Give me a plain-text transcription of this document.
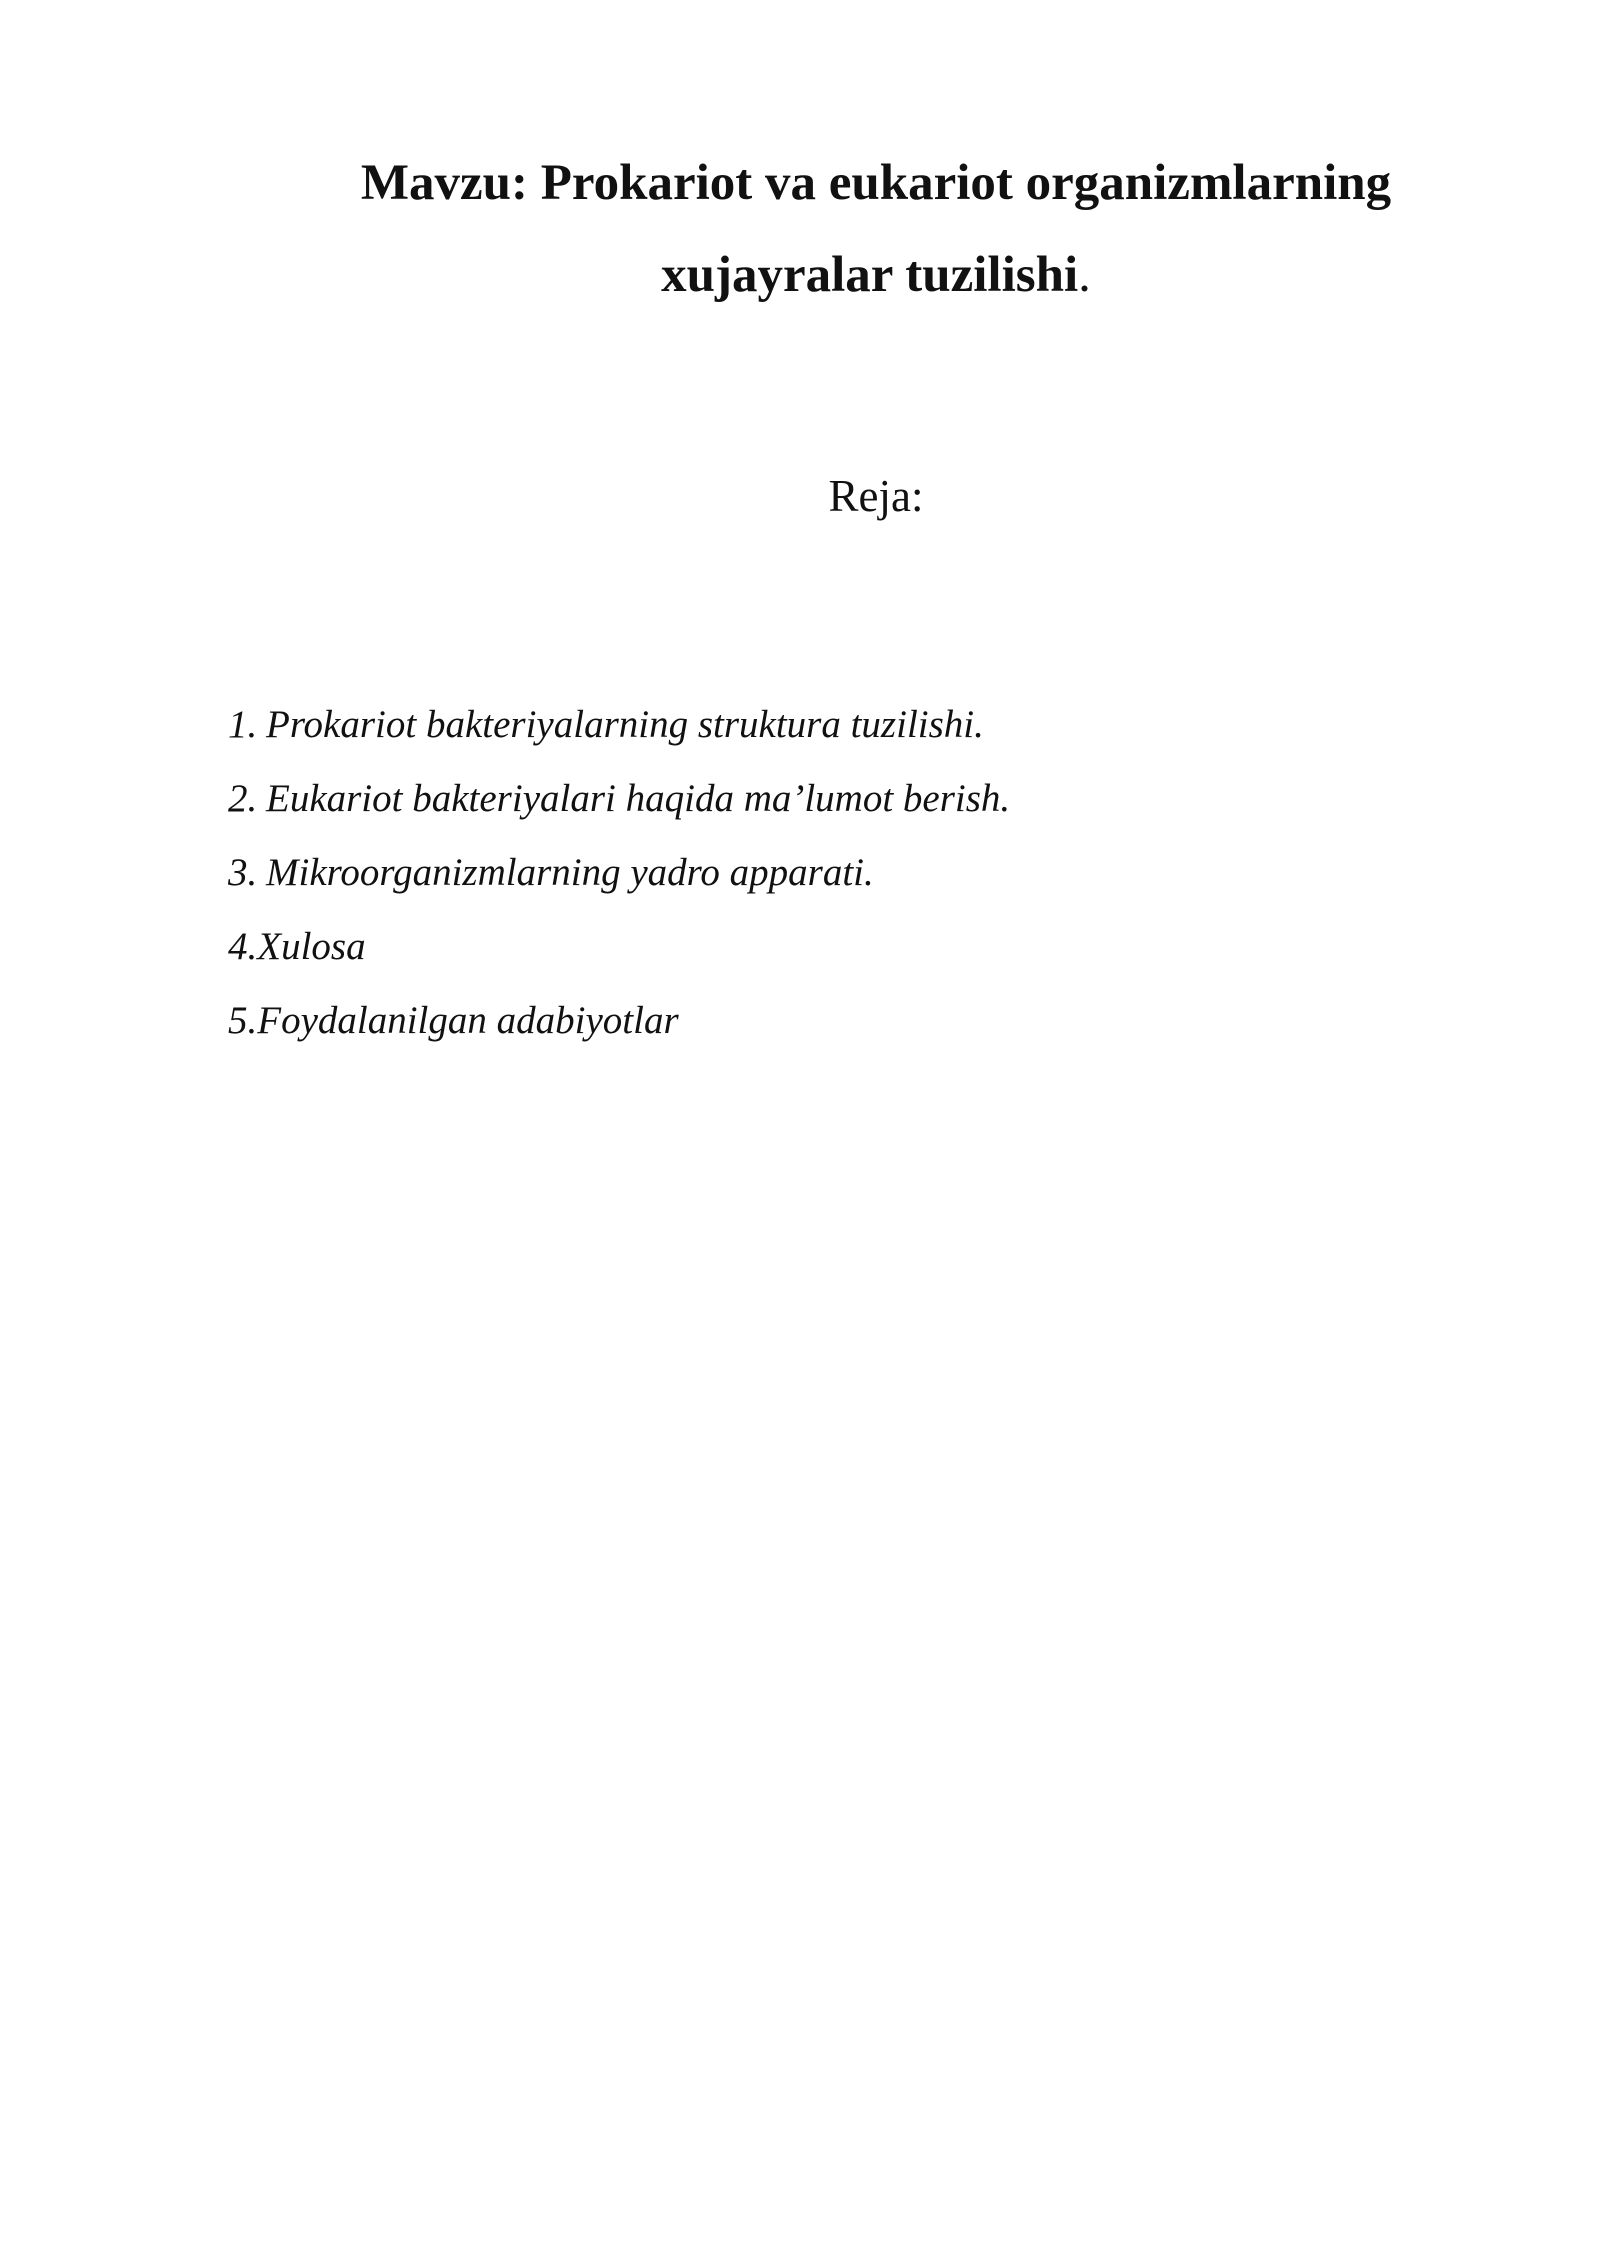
Mavzu: Prokariot va eukariot organizmlarning
xujayralar tuzilishi.
Reja:
1. Prokariot bakteriyalarning struktura tuzilishi.
2. Eukariot bakteriyalari haqida ma’lumot berish.
3. Mikroorganizmlarning yadro apparati.
4.Xulosa
5.Foydalanilgan adabiyotlar
